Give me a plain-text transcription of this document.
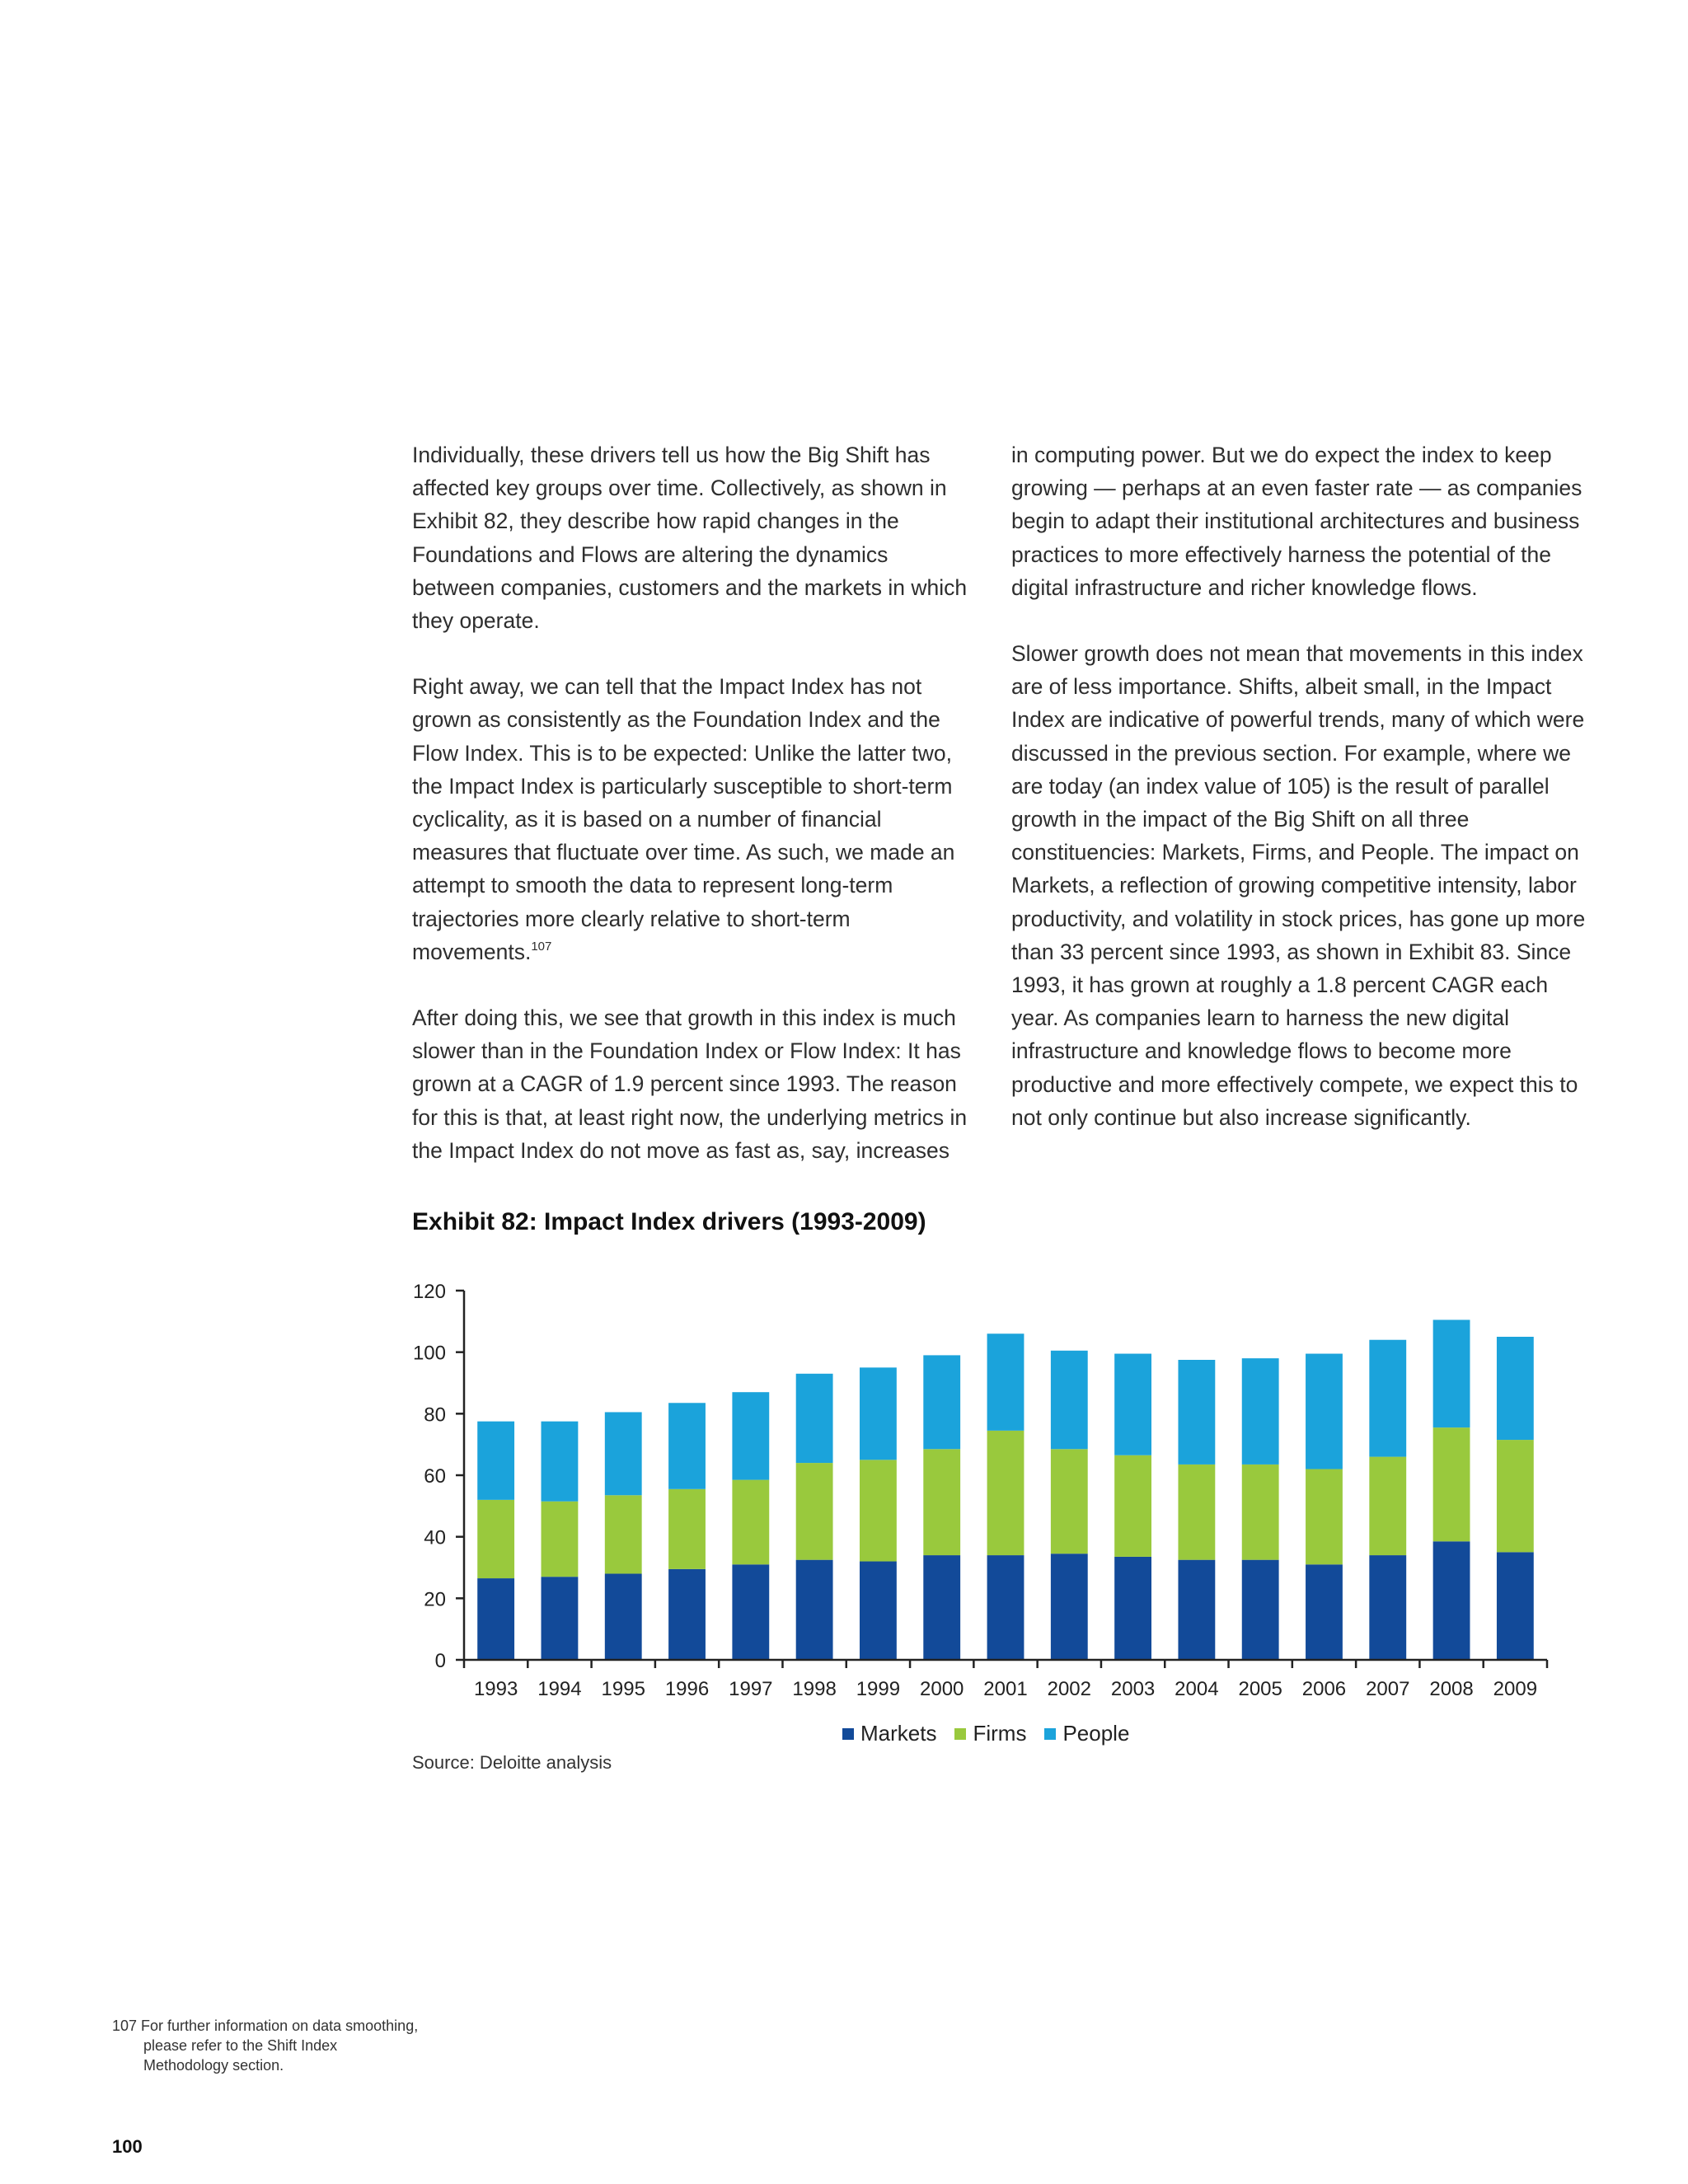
Individually, these drivers tell us how the Big Shift has affected key groups over time. Collectively, as shown in Exhibit 82, they describe how rapid changes in the Foundations and Flows are altering the dynamics between companies, customers and the markets in which they operate.

Right away, we can tell that the Impact Index has not grown as consistently as the Foundation Index and the Flow Index. This is to be expected: Unlike the latter two, the Impact Index is particularly susceptible to short-term cyclicality, as it is based on a number of financial measures that fluctuate over time. As such, we made an attempt to smooth the data to represent long-term trajectories more clearly relative to short-term movements.$^{107}$

After doing this, we see that growth in this index is much slower than in the Foundation Index or Flow Index: It has grown at a CAGR of 1.9 percent since 1993. The reason for this is that, at least right now, the underlying metrics in the Impact Index do not move as fast as, say, increases

in computing power. But we do expect the index to keep growing — perhaps at an even faster rate — as companies begin to adapt their institutional architectures and business practices to more effectively harness the potential of the digital infrastructure and richer knowledge flows.

Slower growth does not mean that movements in this index are of less importance. Shifts, albeit small, in the Impact Index are indicative of powerful trends, many of which were discussed in the previous section. For example, where we are today (an index value of 105) is the result of parallel growth in the impact of the Big Shift on all three constituencies: Markets, Firms, and People. The impact on Markets, a reflection of growing competitive intensity, labor productivity, and volatility in stock prices, has gone up more than 33 percent since 1993, as shown in Exhibit 83. Since 1993, it has grown at roughly a 1.8 percent CAGR each year. As companies learn to harness the new digital infrastructure and knowledge flows to become more productive and more effectively compete, we expect this to not only continue but also increase significantly.

Exhibit 82: Impact Index drivers (1993-2009)
0
20
40
60
80
100
120
1993 1994 1995 1996 1997 1998 1999 2000 2001 2002 2003 2004 2005 2006 2007 2008 2009
Markets Firms People
Source: Deloitte analysis
107 For further information on data smoothing, please refer to the Shift Index Methodology section.
100
